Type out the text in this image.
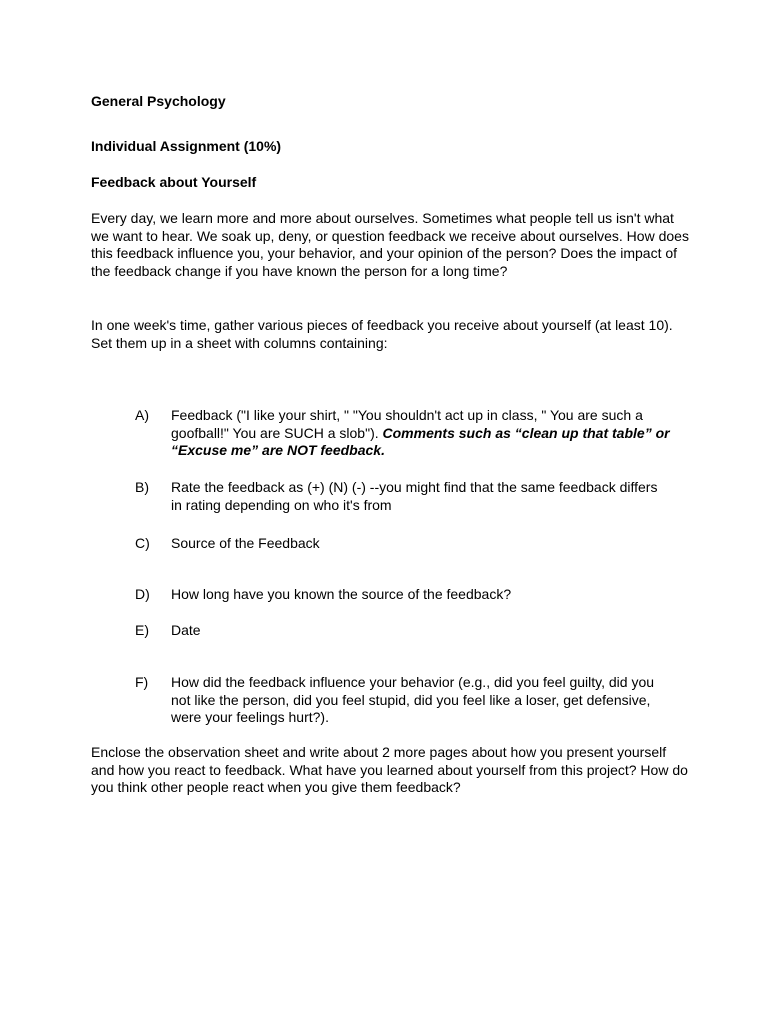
General Psychology

Individual Assignment (10%)

Feedback about Yourself

Every day, we learn more and more about ourselves. Sometimes what people tell us isn't what we want to hear. We soak up, deny, or question feedback we receive about ourselves. How does this feedback influence you, your behavior, and your opinion of the person? Does the impact of the feedback change if you have known the person for a long time?

In one week's time, gather various pieces of feedback you receive about yourself (at least 10). Set them up in a sheet with columns containing:

A) Feedback ("I like your shirt, " "You shouldn't act up in class, " You are such a goofball!" You are SUCH a slob"). Comments such as “clean up that table” or “Excuse me” are NOT feedback.
B) Rate the feedback as (+) (N) (-) --you might find that the same feedback differs in rating depending on who it's from
C) Source of the Feedback
D) How long have you known the source of the feedback?
E) Date
F) How did the feedback influence your behavior (e.g., did you feel guilty, did you not like the person, did you feel stupid, did you feel like a loser, get defensive, were your feelings hurt?).

Enclose the observation sheet and write about 2 more pages about how you present yourself and how you react to feedback. What have you learned about yourself from this project? How do you think other people react when you give them feedback?
